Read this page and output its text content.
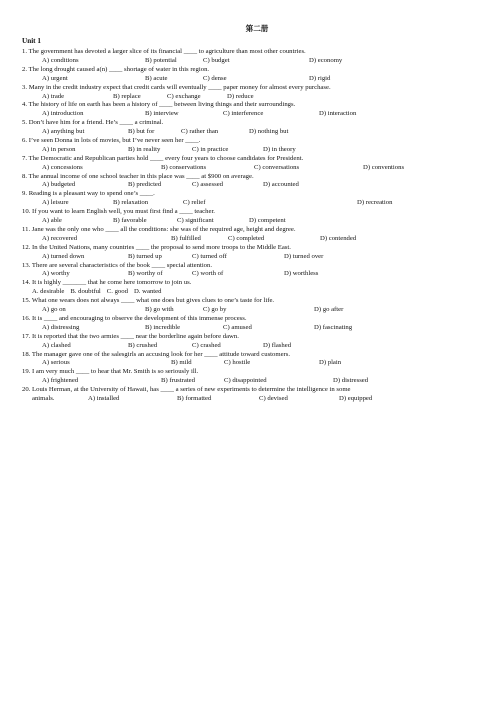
第二册
Unit 1
1. The government has devoted a larger slice of its financial ____ to agriculture than most other countries.
A) conditions	B) potential	C) budget	D) economy
2. The long drought caused a(n) ____ shortage of water in this region.
A) urgent	B) acute	C) dense	D) rigid
3. Many in the credit industry expect that credit cards will eventually ____ paper money for almost every purchase.
A) trade	B) replace	C) exchange	D) reduce
4. The history of life on earth has been a history of ____ between living things and their surroundings.
A) introduction	B) interview	C) interference	D) interaction
5. Don’t have him for a friend. He’s ____ a criminal.
A) anything but	B) but for	C) rather than	D) nothing but
6. I’ve seen Donna in lots of movies, but I’ve never seen her ____.
A) in person	B) in reality	C) in practice	D) in theory
7. The Democratic and Republican parties hold ____ every four years to choose candidates for President.
A) concessions	B) conservations	C) conversations	D) conventions
8. The annual income of one school teacher in this place was ____ at $900 on average.
A) budgeted	B) predicted	C) assessed	D) accounted
9. Reading is a pleasant way to spend one’s ____.
A) leisure	B) relaxation	C) relief	D) recreation
10. If you want to learn English well, you must first find a ____ teacher.
A) able	B) favorable	C) significant	D) competent
11. Jane was the only one who ____ all the conditions: she was of the required age, height and degree.
A) recovered	B) fulfilled	C) completed	D) contended
12. In the United Nations, many countries ____ the proposal to send more troops to the Middle East.
A) turned down	B) turned up	C) turned off	D) turned over
13. There are several characteristics of the book ____ special attention.
A) worthy	B) worthy of	C) worth of	D) worthless
14. It is highly _______ that he come here tomorrow to join us.
A. desirable B. doubtful C. good D. wanted
15. What one wears does not always ____ what one does but gives clues to one’s taste for life.
A) go on	B) go with	C) go by	D) go after
16. It is ____ and encouraging to observe the development of this immense process.
A) distressing	B) incredible	C) amused	D) fascinating
17. It is reported that the two armies ____ near the borderline again before dawn.
A) clashed	B) crushed	C) crashed	D) flashed
18. The manager gave one of the salesgirls an accusing look for her ____ attitude toward customers.
A) serious	B) mild	C) hostile	D) plain
19. I am very much ____ to hear that Mr. Smith is so seriously ill.
A) frightened	B) frustrated	C) disappointed	D) distressed
20. Louis Herman, at the University of Hawaii, has ____ a series of new experiments to determine the intelligence in some
animals.	A) installed	B) formatted	C) devised	D) equipped
